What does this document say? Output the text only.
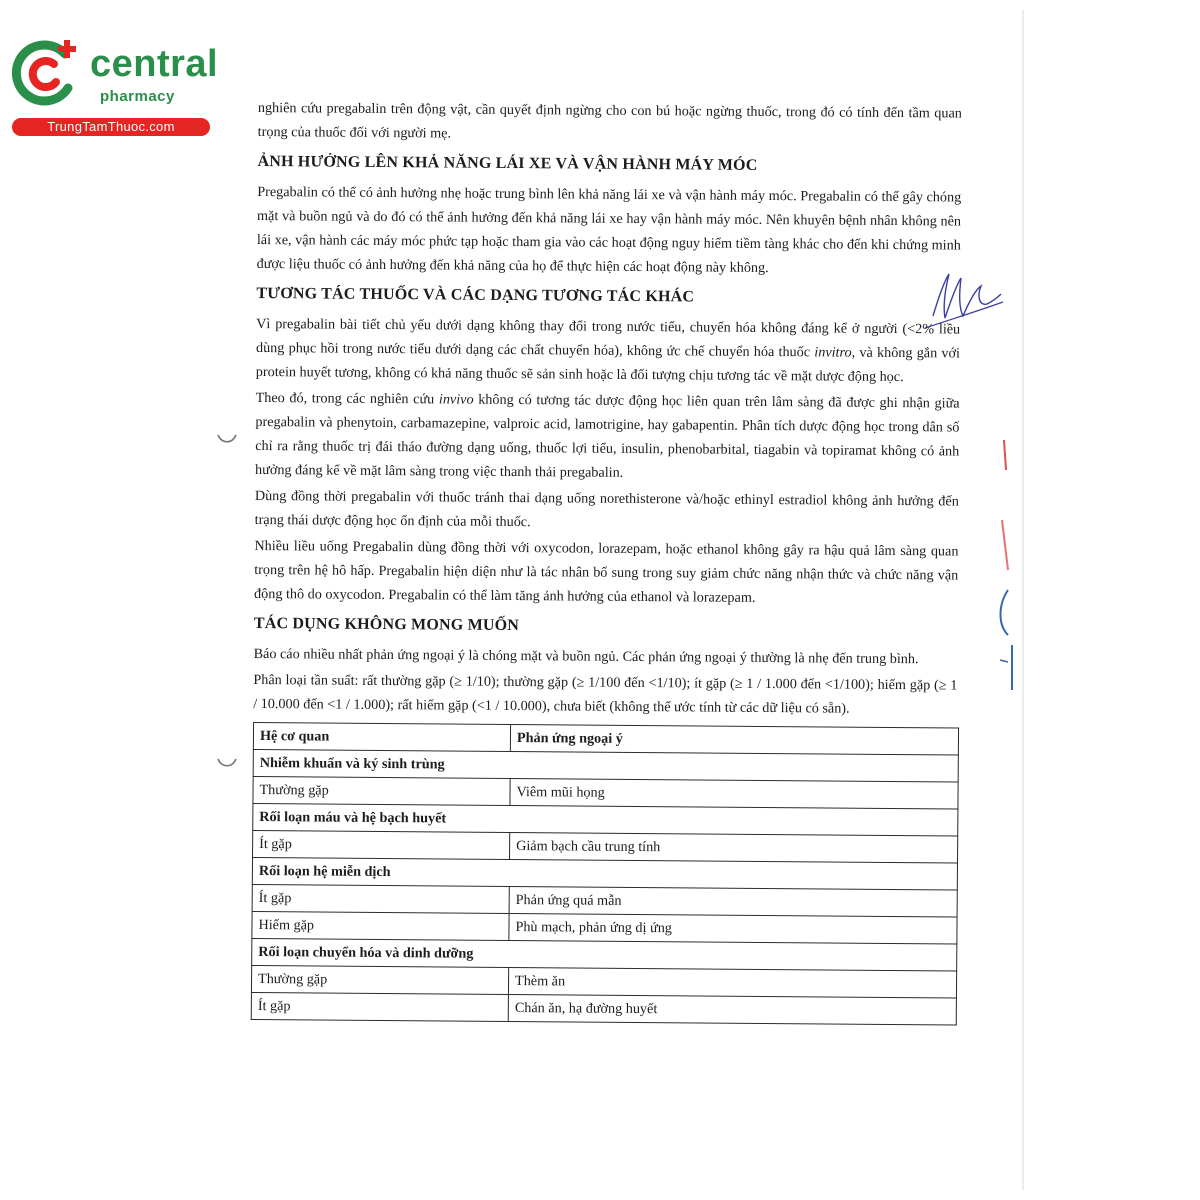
central
pharmacy
TrungTamThuoc.com

nghiên cứu pregabalin trên động vật, cần quyết định ngừng cho con bú hoặc ngừng thuốc, trong đó có tính đến tầm quan trọng của thuốc đối với người mẹ.

ẢNH HƯỞNG LÊN KHẢ NĂNG LÁI XE VÀ VẬN HÀNH MÁY MÓC

Pregabalin có thể có ảnh hưởng nhẹ hoặc trung bình lên khả năng lái xe và vận hành máy móc. Pregabalin có thể gây chóng mặt và buồn ngủ và do đó có thể ảnh hưởng đến khả năng lái xe hay vận hành máy móc. Nên khuyên bệnh nhân không nên lái xe, vận hành các máy móc phức tạp hoặc tham gia vào các hoạt động nguy hiểm tiềm tàng khác cho đến khi chứng minh được liệu thuốc có ảnh hưởng đến khả năng của họ để thực hiện các hoạt động này không.

TƯƠNG TÁC THUỐC VÀ CÁC DẠNG TƯƠNG TÁC KHÁC

Vì pregabalin bài tiết chủ yếu dưới dạng không thay đổi trong nước tiểu, chuyển hóa không đáng kể ở người (<2% liều dùng phục hồi trong nước tiểu dưới dạng các chất chuyển hóa), không ức chế chuyển hóa thuốc invitro, và không gắn với protein huyết tương, không có khả năng thuốc sẽ sản sinh hoặc là đối tượng chịu tương tác về mặt dược động học.

Theo đó, trong các nghiên cứu invivo không có tương tác dược động học liên quan trên lâm sàng đã được ghi nhận giữa pregabalin và phenytoin, carbamazepine, valproic acid, lamotrigine, hay gabapentin. Phân tích dược động học trong dân số chỉ ra rằng thuốc trị đái tháo đường dạng uống, thuốc lợi tiểu, insulin, phenobarbital, tiagabin và topiramat không có ảnh hưởng đáng kể về mặt lâm sàng trong việc thanh thải pregabalin.

Dùng đồng thời pregabalin với thuốc tránh thai dạng uống norethisterone và/hoặc ethinyl estradiol không ảnh hưởng đến trạng thái dược động học ổn định của mỗi thuốc.

Nhiều liều uống Pregabalin dùng đồng thời với oxycodon, lorazepam, hoặc ethanol không gây ra hậu quả lâm sàng quan trọng trên hệ hô hấp. Pregabalin hiện diện như là tác nhân bổ sung trong suy giảm chức năng nhận thức và chức năng vận động thô do oxycodon. Pregabalin có thể làm tăng ảnh hưởng của ethanol và lorazepam.

TÁC DỤNG KHÔNG MONG MUỐN

Báo cáo nhiều nhất phản ứng ngoại ý là chóng mặt và buồn ngủ. Các phản ứng ngoại ý thường là nhẹ đến trung bình.

Phân loại tần suất: rất thường gặp (≥ 1/10); thường gặp (≥ 1/100 đến <1/10); ít gặp (≥ 1 / 1.000 đến <1/100); hiếm gặp (≥ 1 / 10.000 đến <1 / 1.000); rất hiếm gặp (<1 / 10.000), chưa biết (không thể ước tính từ các dữ liệu có sẵn).

Hệ cơ quan	Phản ứng ngoại ý
Nhiễm khuẩn và ký sinh trùng	
Thường gặp	Viêm mũi họng
Rối loạn máu và hệ bạch huyết	
Ít gặp	Giảm bạch cầu trung tính
Rối loạn hệ miễn dịch	
Ít gặp	Phản ứng quá mẫn
Hiếm gặp	Phù mạch, phản ứng dị ứng
Rối loạn chuyển hóa và dinh dưỡng	
Thường gặp	Thèm ăn
Ít gặp	Chán ăn, hạ đường huyết
